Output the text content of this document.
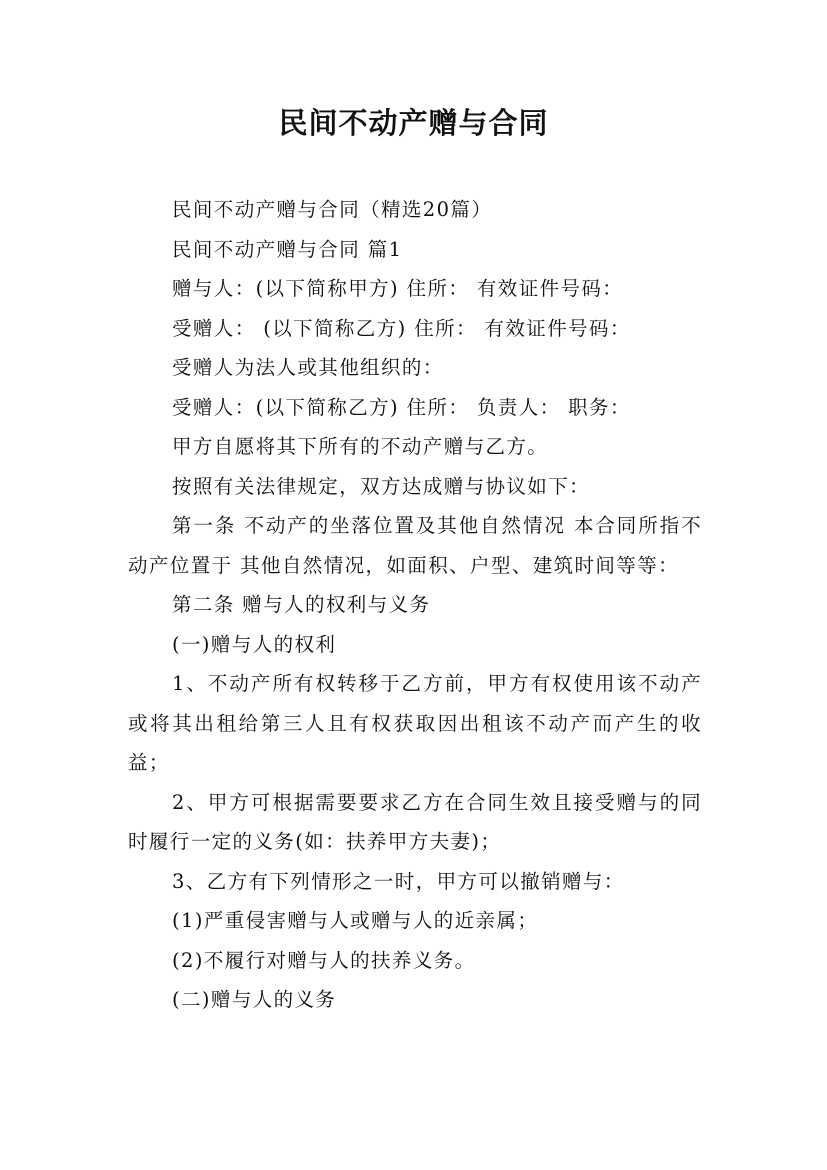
民间不动产赠与合同

民间不动产赠与合同（精选20篇）

民间不动产赠与合同 篇1

赠与人：(以下简称甲方) 住所： 有效证件号码：

受赠人： (以下简称乙方) 住所： 有效证件号码：

受赠人为法人或其他组织的：

受赠人：(以下简称乙方) 住所： 负责人： 职务：

甲方自愿将其下所有的不动产赠与乙方。

按照有关法律规定，双方达成赠与协议如下：

第一条 不动产的坐落位置及其他自然情况 本合同所指不动产位置于 其他自然情况，如面积、户型、建筑时间等等：

第二条 赠与人的权利与义务

(一)赠与人的权利

1、不动产所有权转移于乙方前，甲方有权使用该不动产或将其出租给第三人且有权获取因出租该不动产而产生的收益；

2、甲方可根据需要要求乙方在合同生效且接受赠与的同时履行一定的义务(如：扶养甲方夫妻)；

3、乙方有下列情形之一时，甲方可以撤销赠与：

(1)严重侵害赠与人或赠与人的近亲属；

(2)不履行对赠与人的扶养义务。

(二)赠与人的义务
